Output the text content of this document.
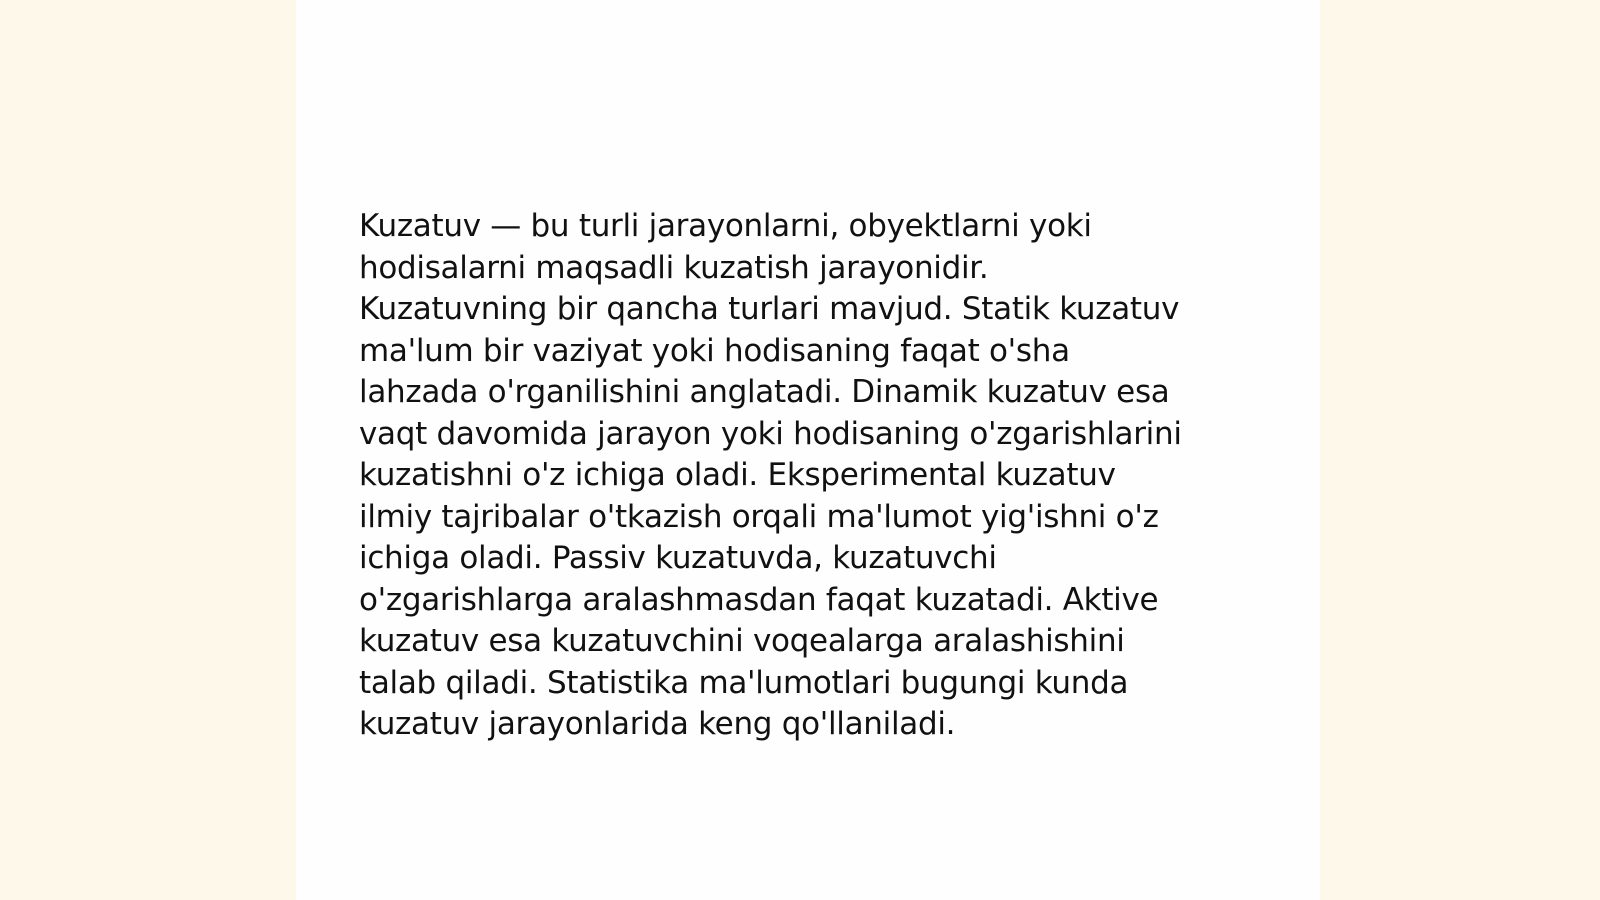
Kuzatuv — bu turli jarayonlarni, obyektlarni yoki

hodisalarni maqsadli kuzatish jarayonidir.

Kuzatuvning bir qancha turlari mavjud. Statik kuzatuv

ma'lum bir vaziyat yoki hodisaning faqat o'sha

lahzada o'rganilishini anglatadi. Dinamik kuzatuv esa

vaqt davomida jarayon yoki hodisaning o'zgarishlarini

kuzatishni o'z ichiga oladi. Eksperimental kuzatuv

ilmiy tajribalar o'tkazish orqali ma'lumot yig'ishni o'z

ichiga oladi. Passiv kuzatuvda, kuzatuvchi

o'zgarishlarga aralashmasdan faqat kuzatadi. Aktive

kuzatuv esa kuzatuvchini voqealarga aralashishini

talab qiladi. Statistika ma'lumotlari bugungi kunda

kuzatuv jarayonlarida keng qo'llaniladi.
